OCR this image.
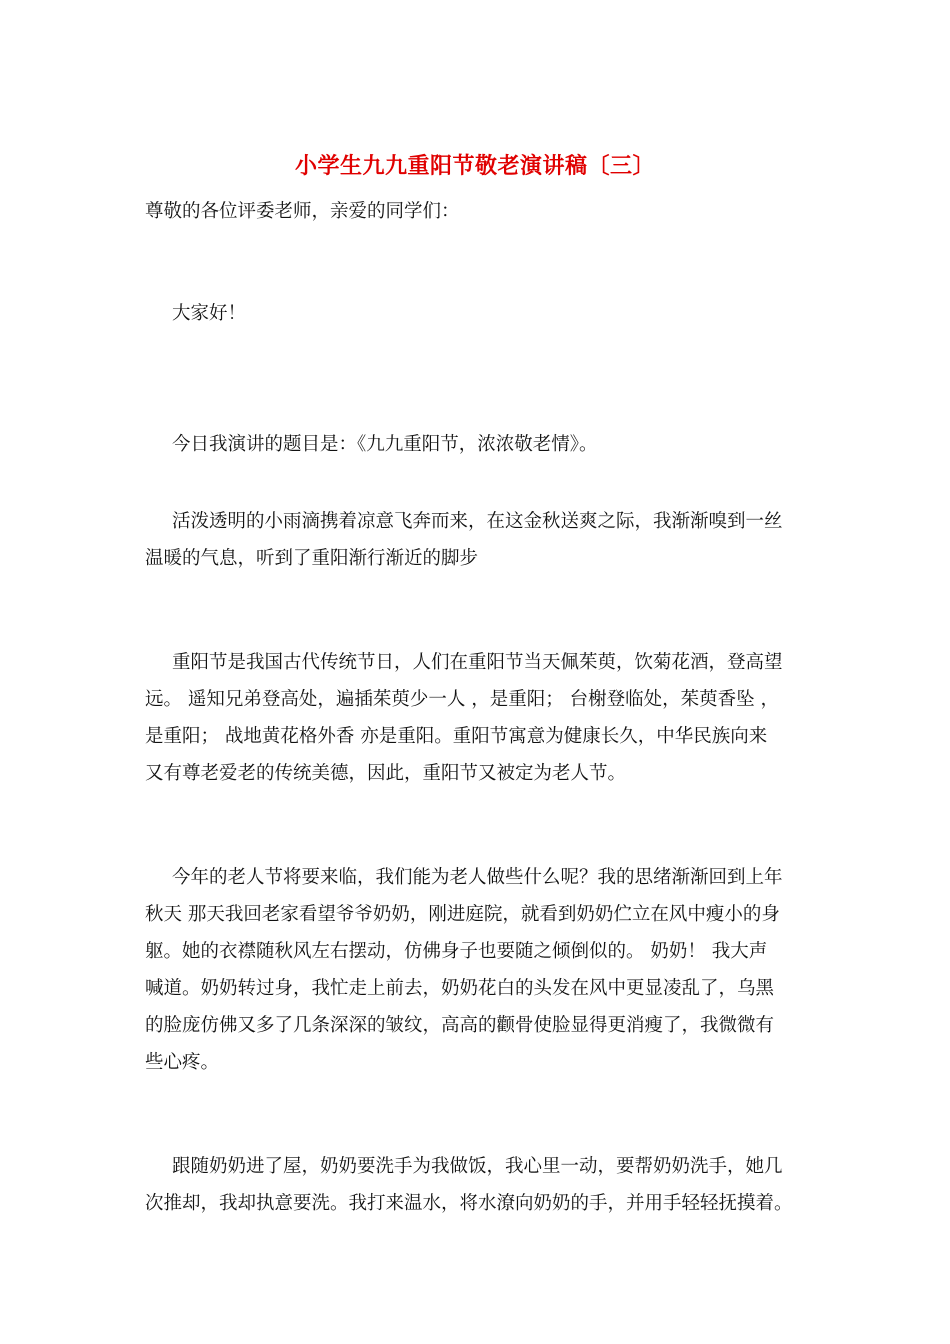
小学生九九重阳节敬老演讲稿〔三〕
尊敬的各位评委老师，亲爱的同学们：
大家好！
今日我演讲的题目是：《九九重阳节，浓浓敬老情》。
活泼透明的小雨滴携着凉意飞奔而来，在这金秋送爽之际，我渐渐嗅到一丝
温暖的气息，听到了重阳渐行渐近的脚步
重阳节是我国古代传统节日，人们在重阳节当天佩茱萸，饮菊花酒，登高望
远。 遥知兄弟登高处，遍插茱萸少一人 ，是重阳； 台榭登临处，茱萸香坠 ，
是重阳； 战地黄花格外香 亦是重阳。重阳节寓意为健康长久，中华民族向来
又有尊老爱老的传统美德，因此，重阳节又被定为老人节。
今年的老人节将要来临，我们能为老人做些什么呢？我的思绪渐渐回到上年
秋天 那天我回老家看望爷爷奶奶，刚进庭院，就看到奶奶伫立在风中瘦小的身
躯。她的衣襟随秋风左右摆动，仿佛身子也要随之倾倒似的。 奶奶！ 我大声
喊道。奶奶转过身，我忙走上前去，奶奶花白的头发在风中更显凌乱了，乌黑
的脸庞仿佛又多了几条深深的皱纹，高高的颧骨使脸显得更消瘦了，我微微有
些心疼。
跟随奶奶进了屋，奶奶要洗手为我做饭，我心里一动，要帮奶奶洗手，她几
次推却，我却执意要洗。我打来温水，将水潦向奶奶的手，并用手轻轻抚摸着。
